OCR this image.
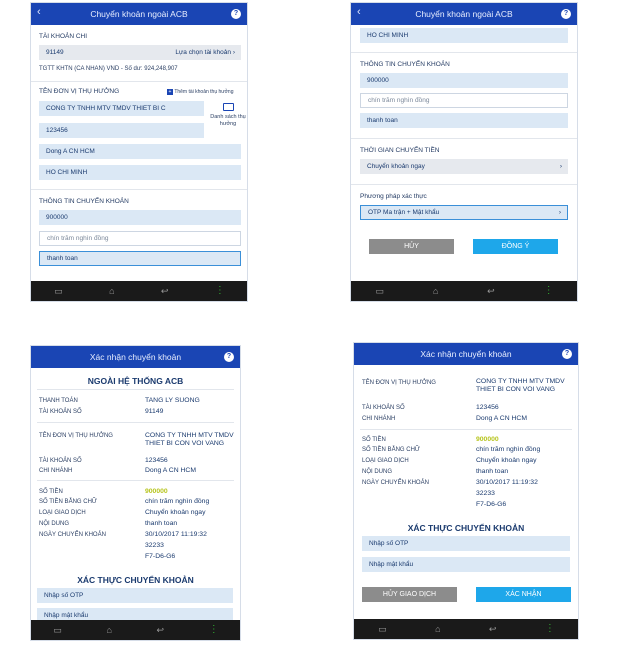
‹	Chuyển khoản ngoài ACB	?
TÀI KHOẢN CHI
91149	Lựa chọn tài khoản ›
TGTT KHTN (CA NHAN) VND - Số dư: 924,248,907
TÊN ĐƠN VỊ THỤ HƯỞNG	+ Thêm tài khoản thụ hưởng
CONG TY TNHH MTV TMDV THIET BI C
123456
Danh sách thụ hưởng
Dong A CN HCM
HO CHI MINH
THÔNG TIN CHUYỂN KHOẢN
900000
chín trăm nghìn đồng
thanh toan
▭	⌂	↩	⋮
‹	Chuyển khoản ngoài ACB	?
HO CHI MINH
THÔNG TIN CHUYỂN KHOẢN
900000
chín trăm nghìn đồng
thanh toan
THỜI GIAN CHUYỂN TIỀN
Chuyển khoản ngay	›
Phương pháp xác thực
OTP Ma trận + Mật khẩu	›
HỦY	ĐỒNG Ý
▭	⌂	↩	⋮
Xác nhận chuyển khoản	?
NGOÀI HỆ THỐNG ACB
THANH TOÁN	TANG LY SUONG
TÀI KHOẢN SỐ	91149
TÊN ĐƠN VỊ THỤ HƯỞNG	CONG TY TNHH MTV TMDV THIET BI CON VOI VANG
TÀI KHOẢN SỐ	123456
CHI NHÁNH	Dong A CN HCM
SỐ TIỀN	900000
SỐ TIỀN BẰNG CHỮ	chín trăm nghìn đồng
LOẠI GIAO DỊCH	Chuyển khoản ngay
NỘI DUNG	thanh toan
NGÀY CHUYỂN KHOẢN	30/10/2017 11:19:32
32233
F7-D6-G6
XÁC THỰC CHUYỂN KHOẢN
Nhập số OTP
Nhập mật khẩu
▭	⌂	↩	⋮
Xác nhận chuyển khoản	?
TÊN ĐƠN VỊ THỤ HƯỞNG	CONG TY TNHH MTV TMDV THIET BI CON VOI VANG
TÀI KHOẢN SỐ	123456
CHI NHÁNH	Dong A CN HCM
SỐ TIỀN	900000
SỐ TIỀN BẰNG CHỮ	chín trăm nghìn đồng
LOẠI GIAO DỊCH	Chuyển khoản ngay
NỘI DUNG	thanh toan
NGÀY CHUYỂN KHOẢN	30/10/2017 11:19:32
32233
F7-D6-G6
XÁC THỰC CHUYỂN KHOẢN
Nhập số OTP
Nhập mật khẩu
HỦY GIAO DỊCH	XÁC NHẬN
▭	⌂	↩	⋮
